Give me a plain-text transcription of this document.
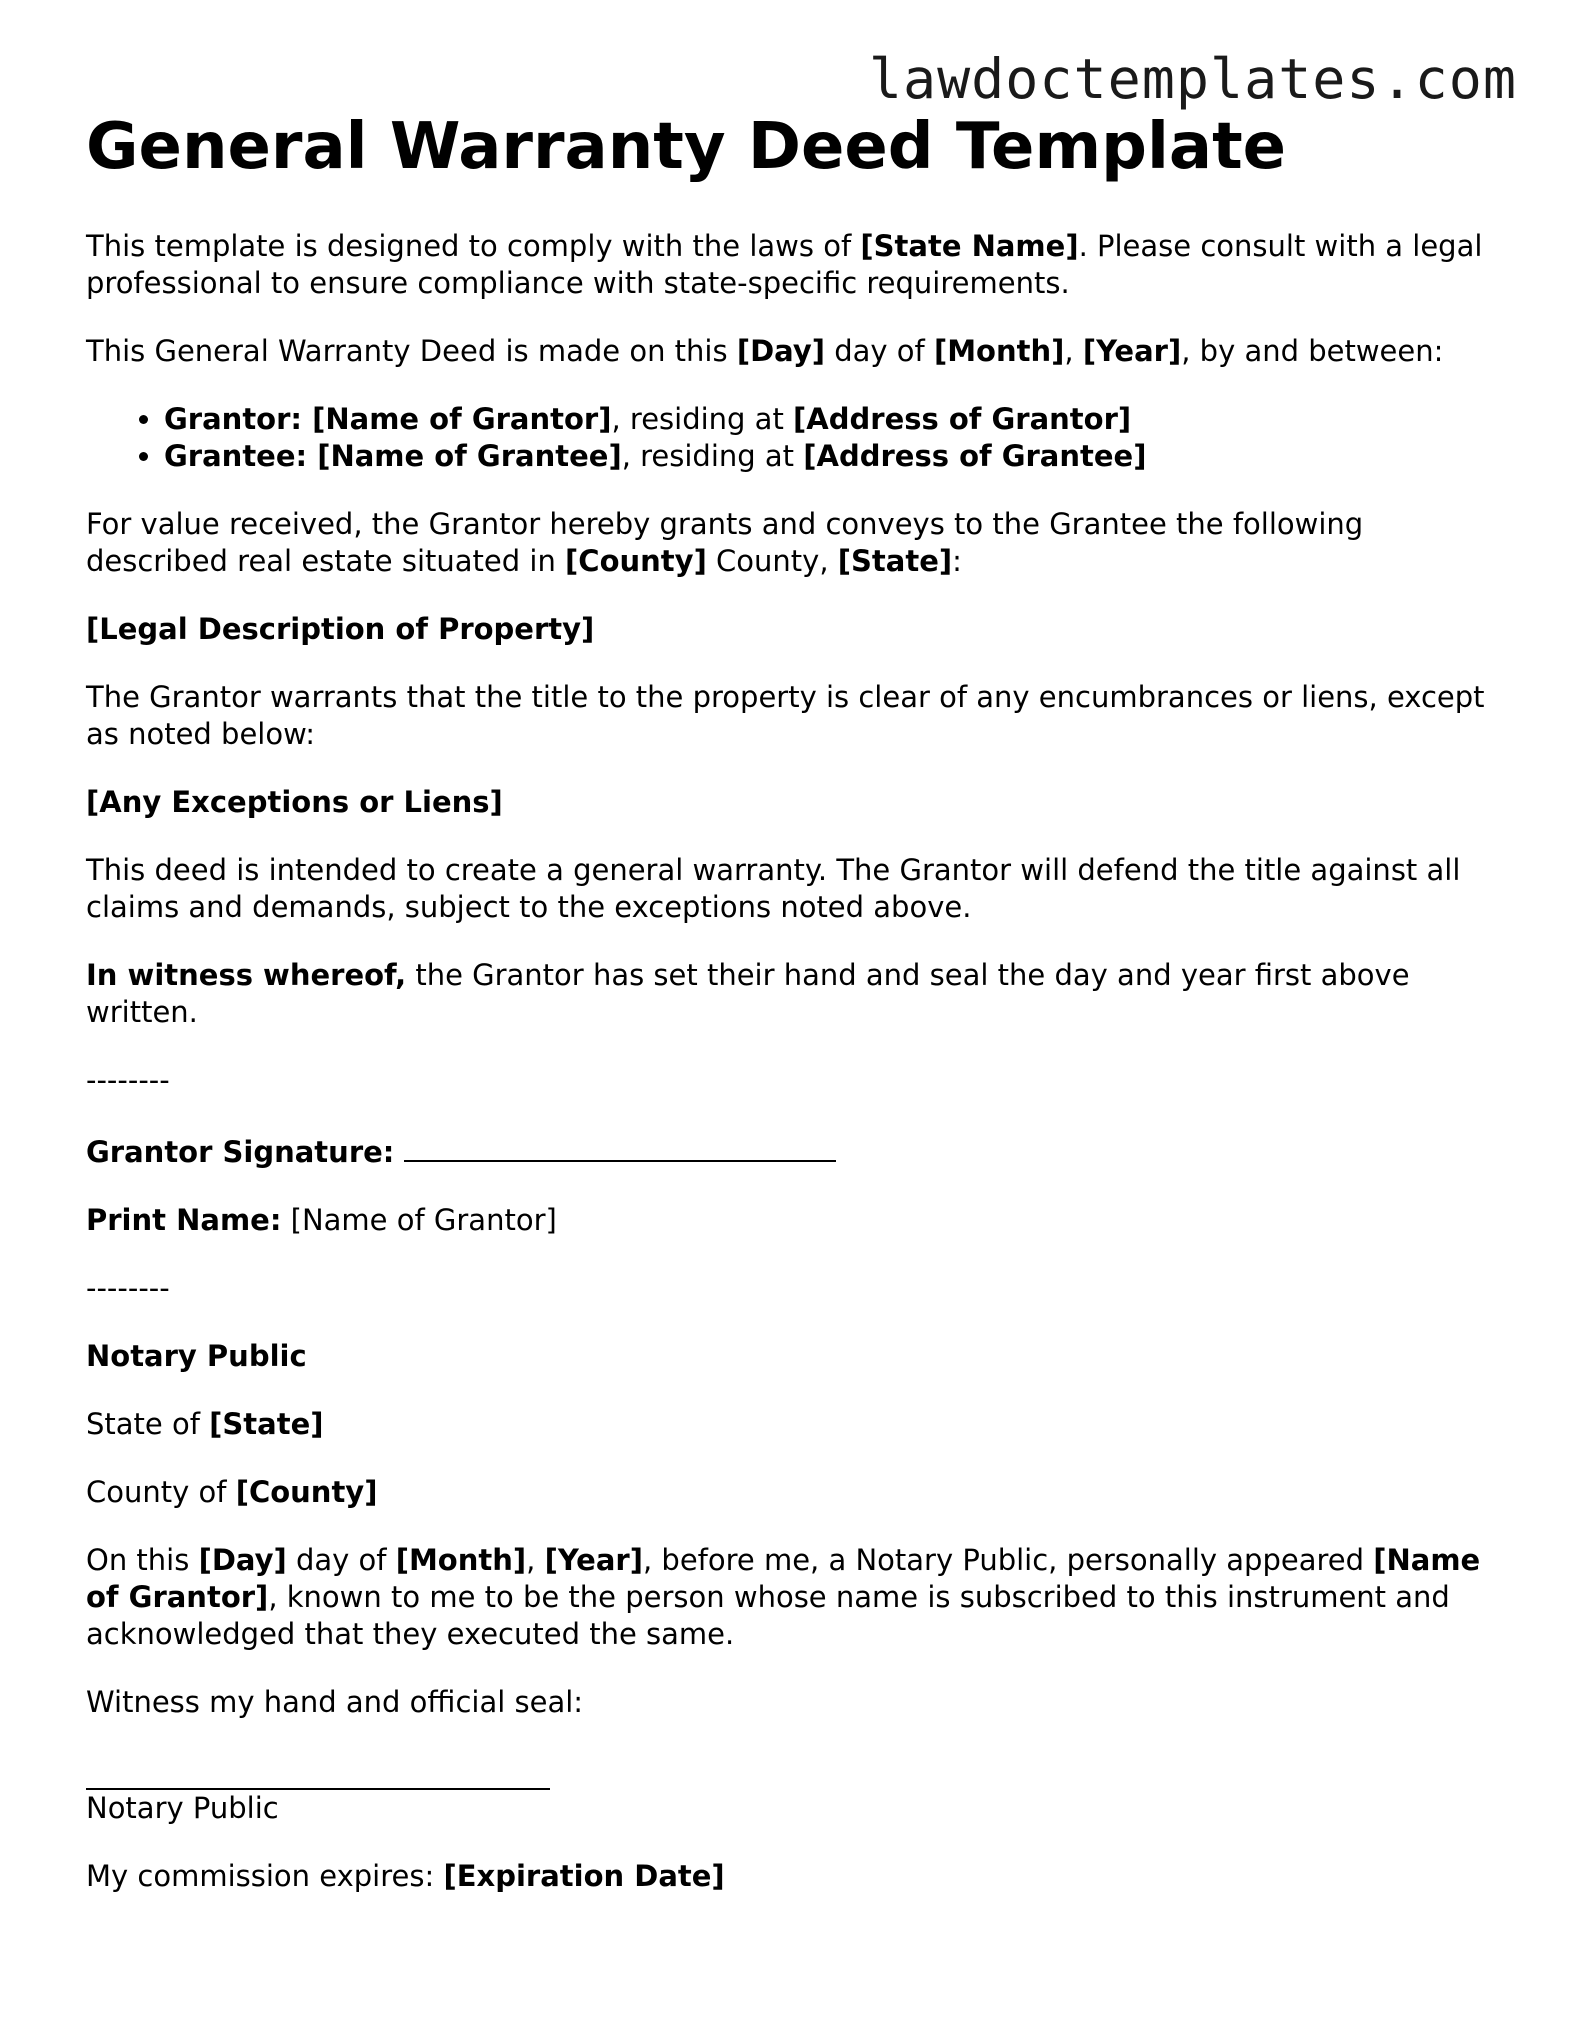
lawdoctemplates.com
General Warranty Deed Template

This template is designed to comply with the laws of [State Name]. Please consult with a legal professional to ensure compliance with state-specific requirements.

This General Warranty Deed is made on this [Day] day of [Month], [Year], by and between:

• Grantor: [Name of Grantor], residing at [Address of Grantor]
• Grantee: [Name of Grantee], residing at [Address of Grantee]

For value received, the Grantor hereby grants and conveys to the Grantee the following described real estate situated in [County] County, [State]:

[Legal Description of Property]

The Grantor warrants that the title to the property is clear of any encumbrances or liens, except as noted below:

[Any Exceptions or Liens]

This deed is intended to create a general warranty. The Grantor will defend the title against all claims and demands, subject to the exceptions noted above.

In witness whereof, the Grantor has set their hand and seal the day and year first above written.

--------

Grantor Signature:

Print Name: [Name of Grantor]

--------

Notary Public

State of [State]

County of [County]

On this [Day] day of [Month], [Year], before me, a Notary Public, personally appeared [Name of Grantor], known to me to be the person whose name is subscribed to this instrument and acknowledged that they executed the same.

Witness my hand and official seal:

Notary Public

My commission expires: [Expiration Date]
